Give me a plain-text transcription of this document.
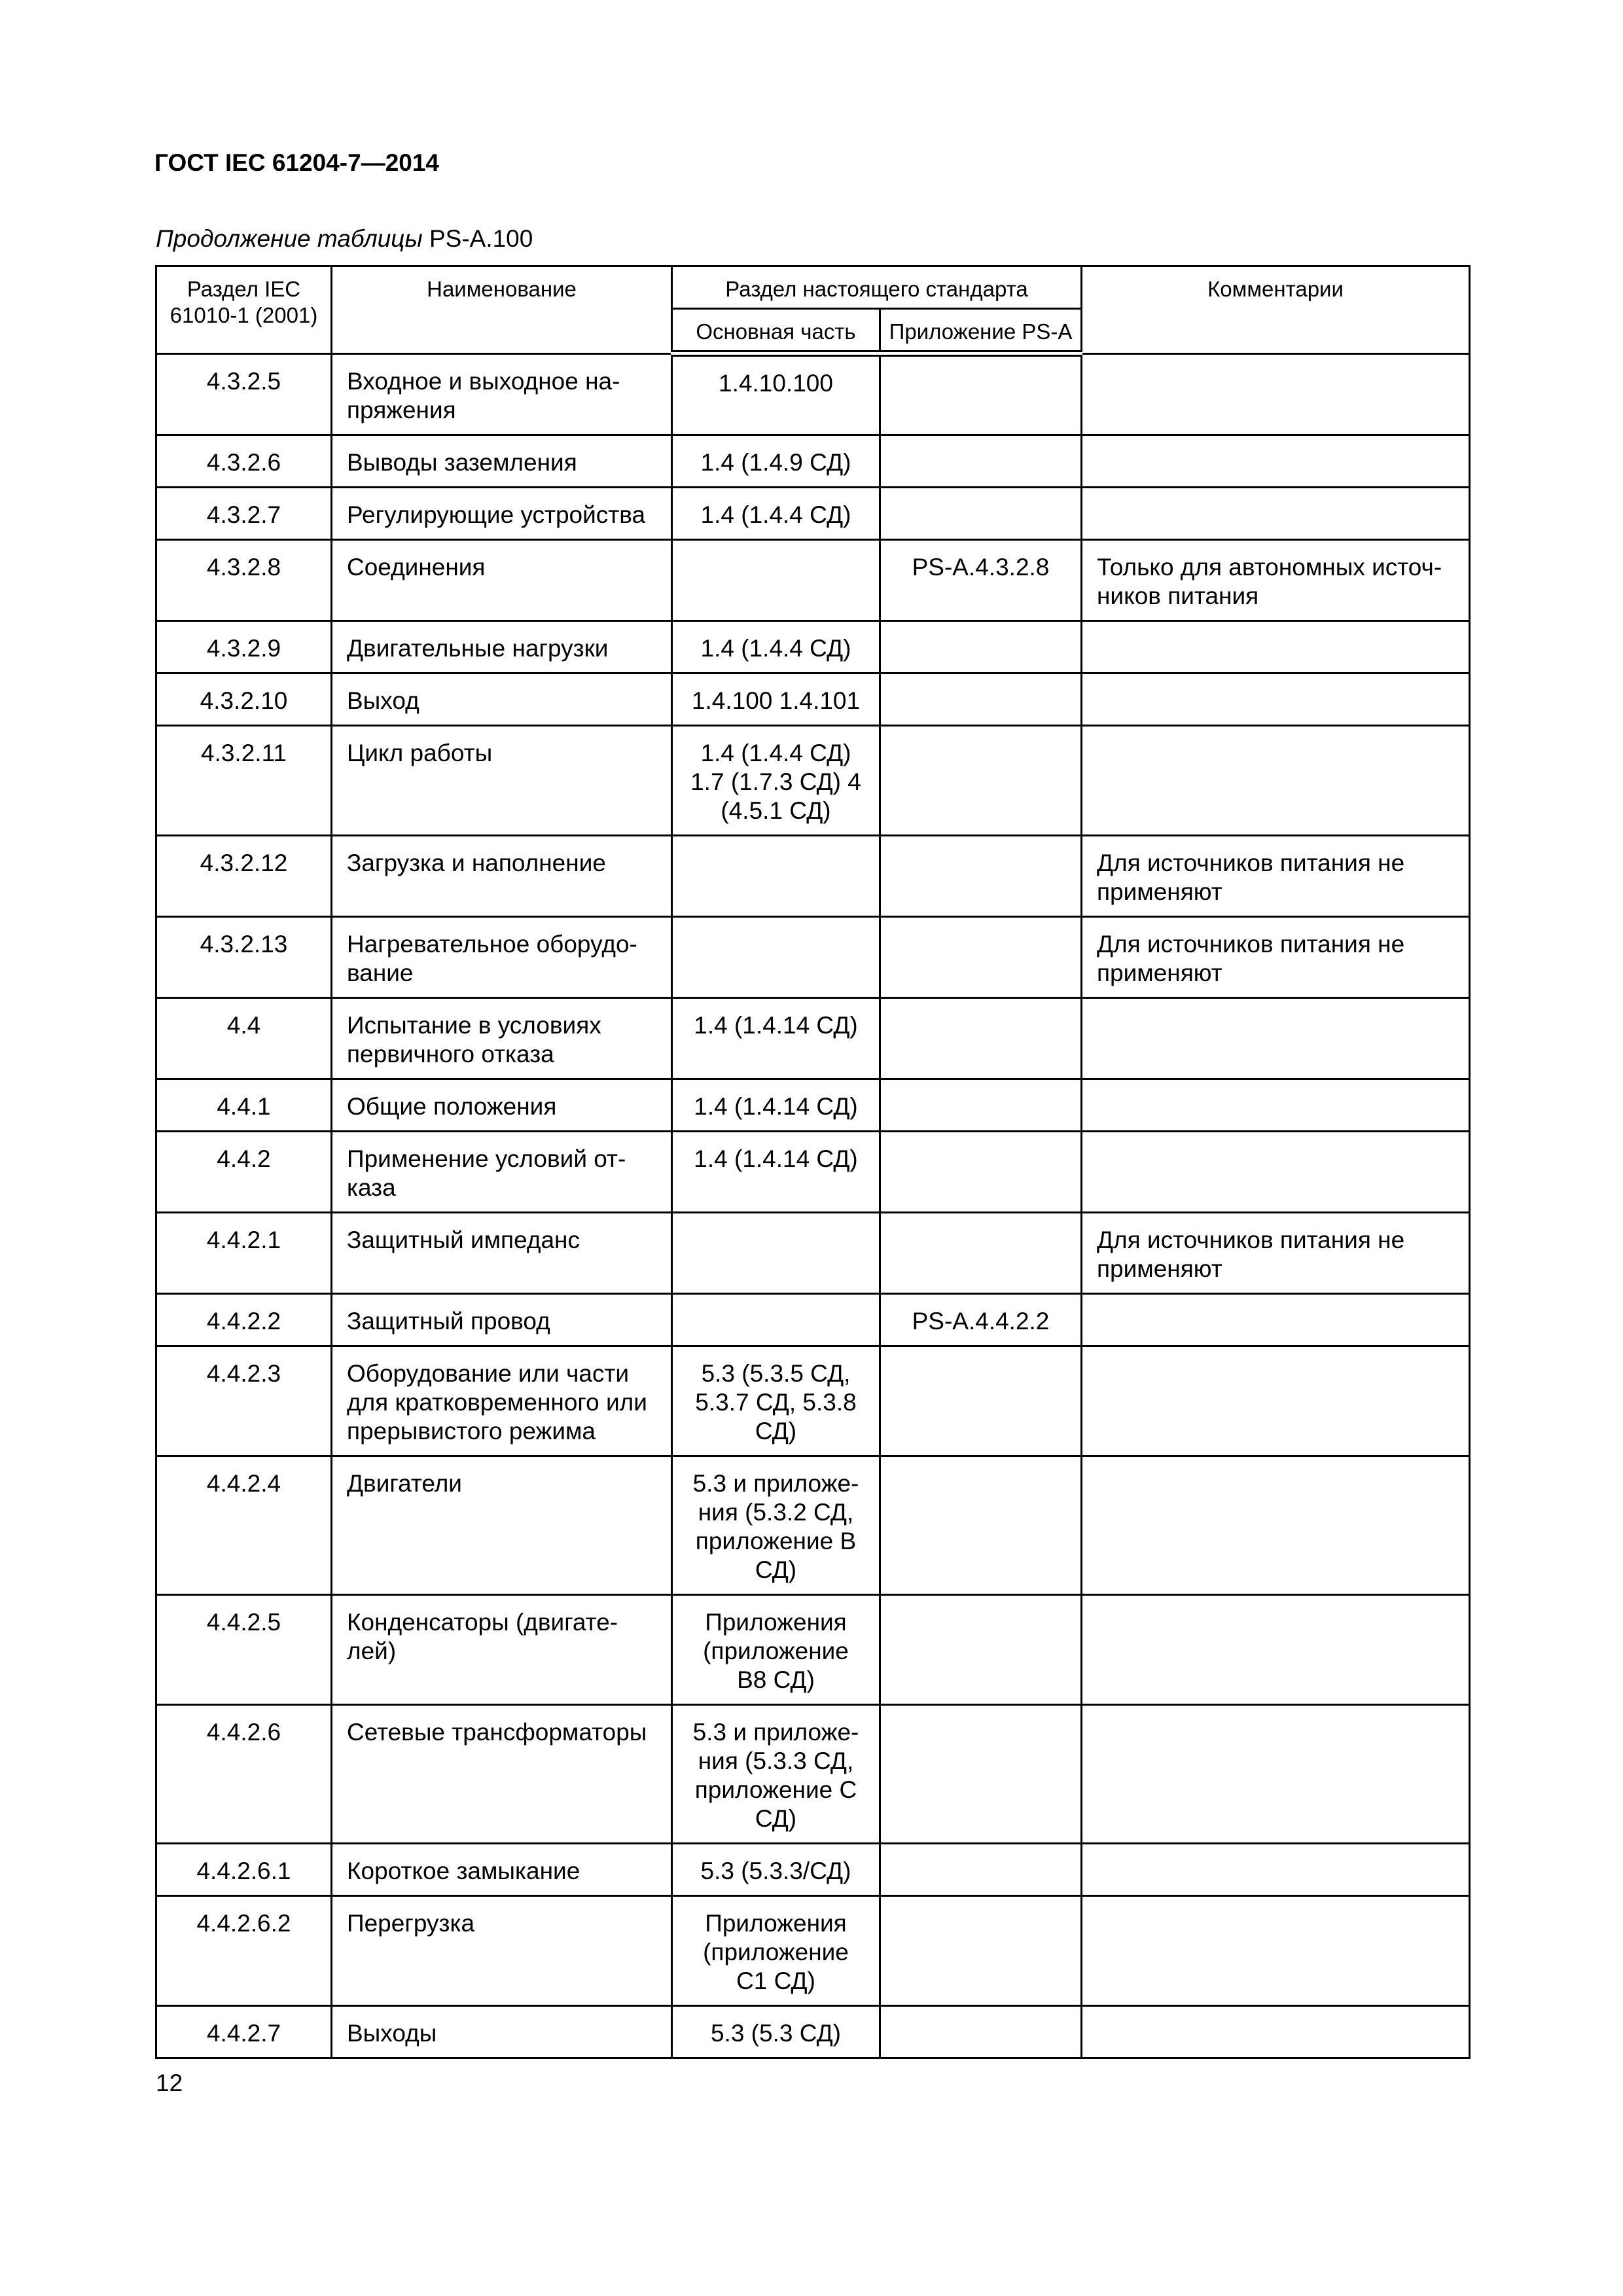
ГОСТ IEC 61204-7—2014
Продолжение таблицы PS-A.100
Раздел IEC 61010-1 (2001)	Наименование	Раздел настоящего стандарта		Комментарии
		Основная часть	Приложение PS-A	
4.3.2.5	Входное и выходное на-пряжения	1.4.10.100		
4.3.2.6	Выводы заземления	1.4 (1.4.9 СД)		
4.3.2.7	Регулирующие устройства	1.4 (1.4.4 СД)		
4.3.2.8	Соединения		PS-A.4.3.2.8	Только для автономных источ-ников питания
4.3.2.9	Двигательные нагрузки	1.4 (1.4.4 СД)		
4.3.2.10	Выход	1.4.100 1.4.101		
4.3.2.11	Цикл работы	1.4 (1.4.4 СД) 1.7 (1.7.3 СД) 4 (4.5.1 СД)		
4.3.2.12	Загрузка и наполнение			Для источников питания не применяют
4.3.2.13	Нагревательное оборудо-вание			Для источников питания не применяют
4.4	Испытание в условиях первичного отказа	1.4 (1.4.14 СД)		
4.4.1	Общие положения	1.4 (1.4.14 СД)		
4.4.2	Применение условий от-каза	1.4 (1.4.14 СД)		
4.4.2.1	Защитный импеданс			Для источников питания не применяют
4.4.2.2	Защитный провод		PS-A.4.4.2.2	
4.4.2.3	Оборудование или части для кратковременного или прерывистого режима	5.3 (5.3.5 СД, 5.3.7 СД, 5.3.8 СД)		
4.4.2.4	Двигатели	5.3 и приложе-ния (5.3.2 СД, приложение В СД)		
4.4.2.5	Конденсаторы (двигате-лей)	Приложения (приложение В8 СД)		
4.4.2.6	Сетевые трансформаторы	5.3 и приложе-ния (5.3.3 СД, приложение С СД)		
4.4.2.6.1	Короткое замыкание	5.3 (5.3.3/СД)		
4.4.2.6.2	Перегрузка	Приложения (приложение С1 СД)		
4.4.2.7	Выходы	5.3 (5.3 СД)		
12
